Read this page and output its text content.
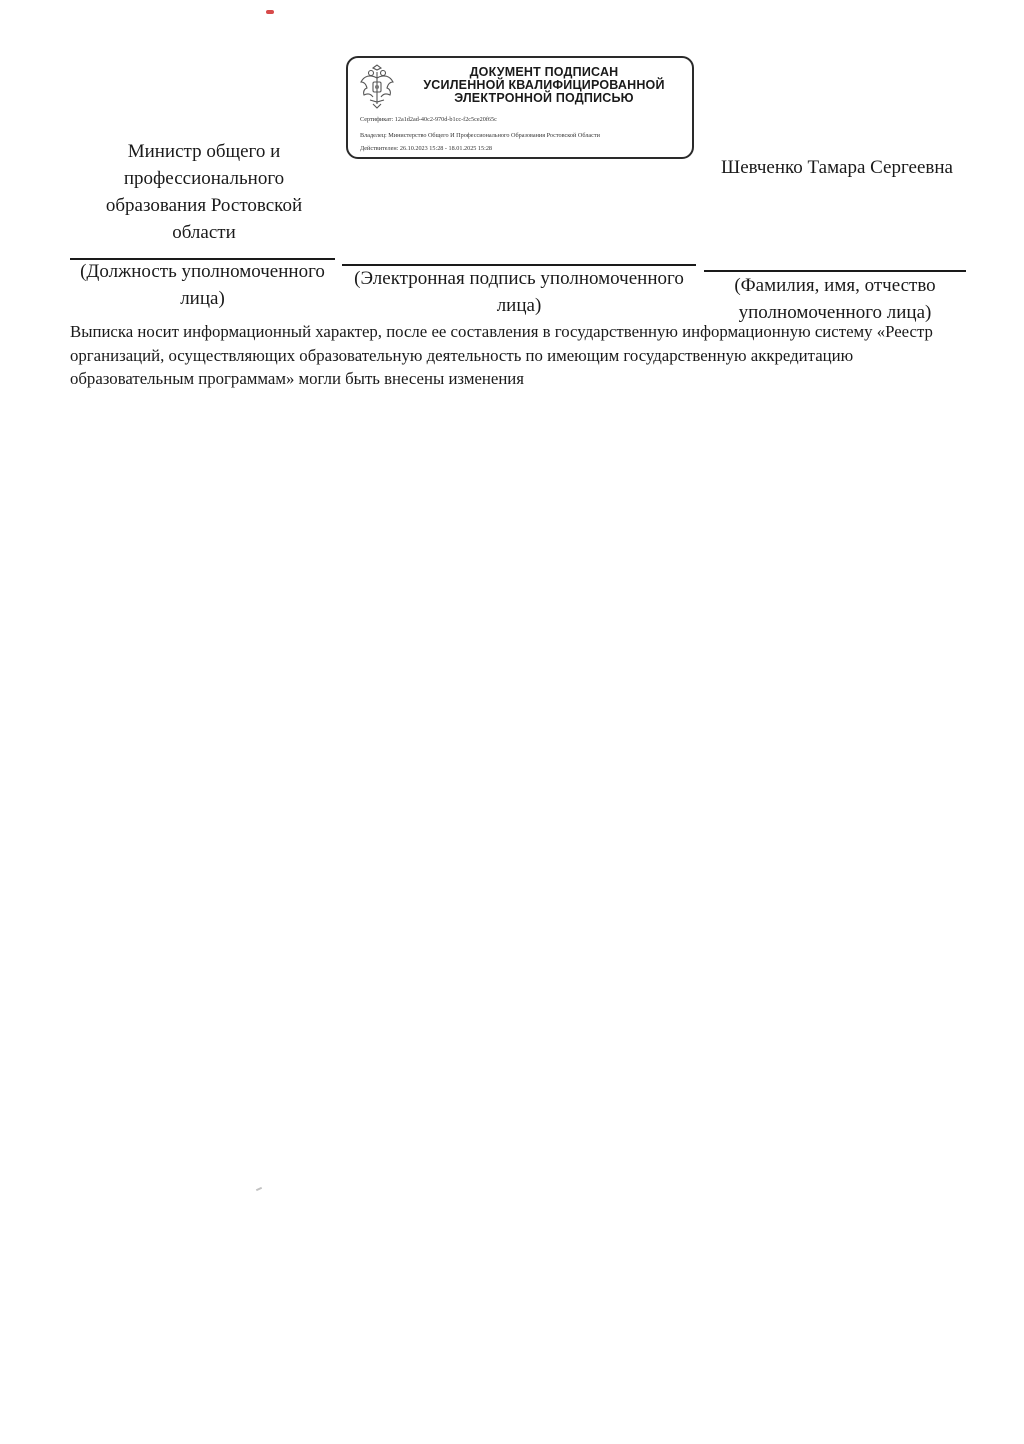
ДОКУМЕНТ ПОДПИСАН
УСИЛЕННОЙ КВАЛИФИЦИРОВАННОЙ
ЭЛЕКТРОННОЙ ПОДПИСЬЮ
Сертификат: 12a1d2ad-40c2-970d-b1cc-f2c5ce20f65c
Владелец: Министерство Общего И Профессионального Образования Ростовской Области
Действителен: 26.10.2023 15:28 - 18.01.2025 15:28
Министр общего и профессионального образования Ростовской области
Шевченко Тамара Сергеевна
(Должность уполномоченного лица)
(Электронная подпись уполномоченного лица)
(Фамилия, имя, отчество уполномоченного лица)
Выписка носит информационный характер, после ее составления в государственную информационную систему «Реестр организаций, осуществляющих образовательную деятельность по имеющим государственную аккредитацию образовательным программам» могли быть внесены изменения
